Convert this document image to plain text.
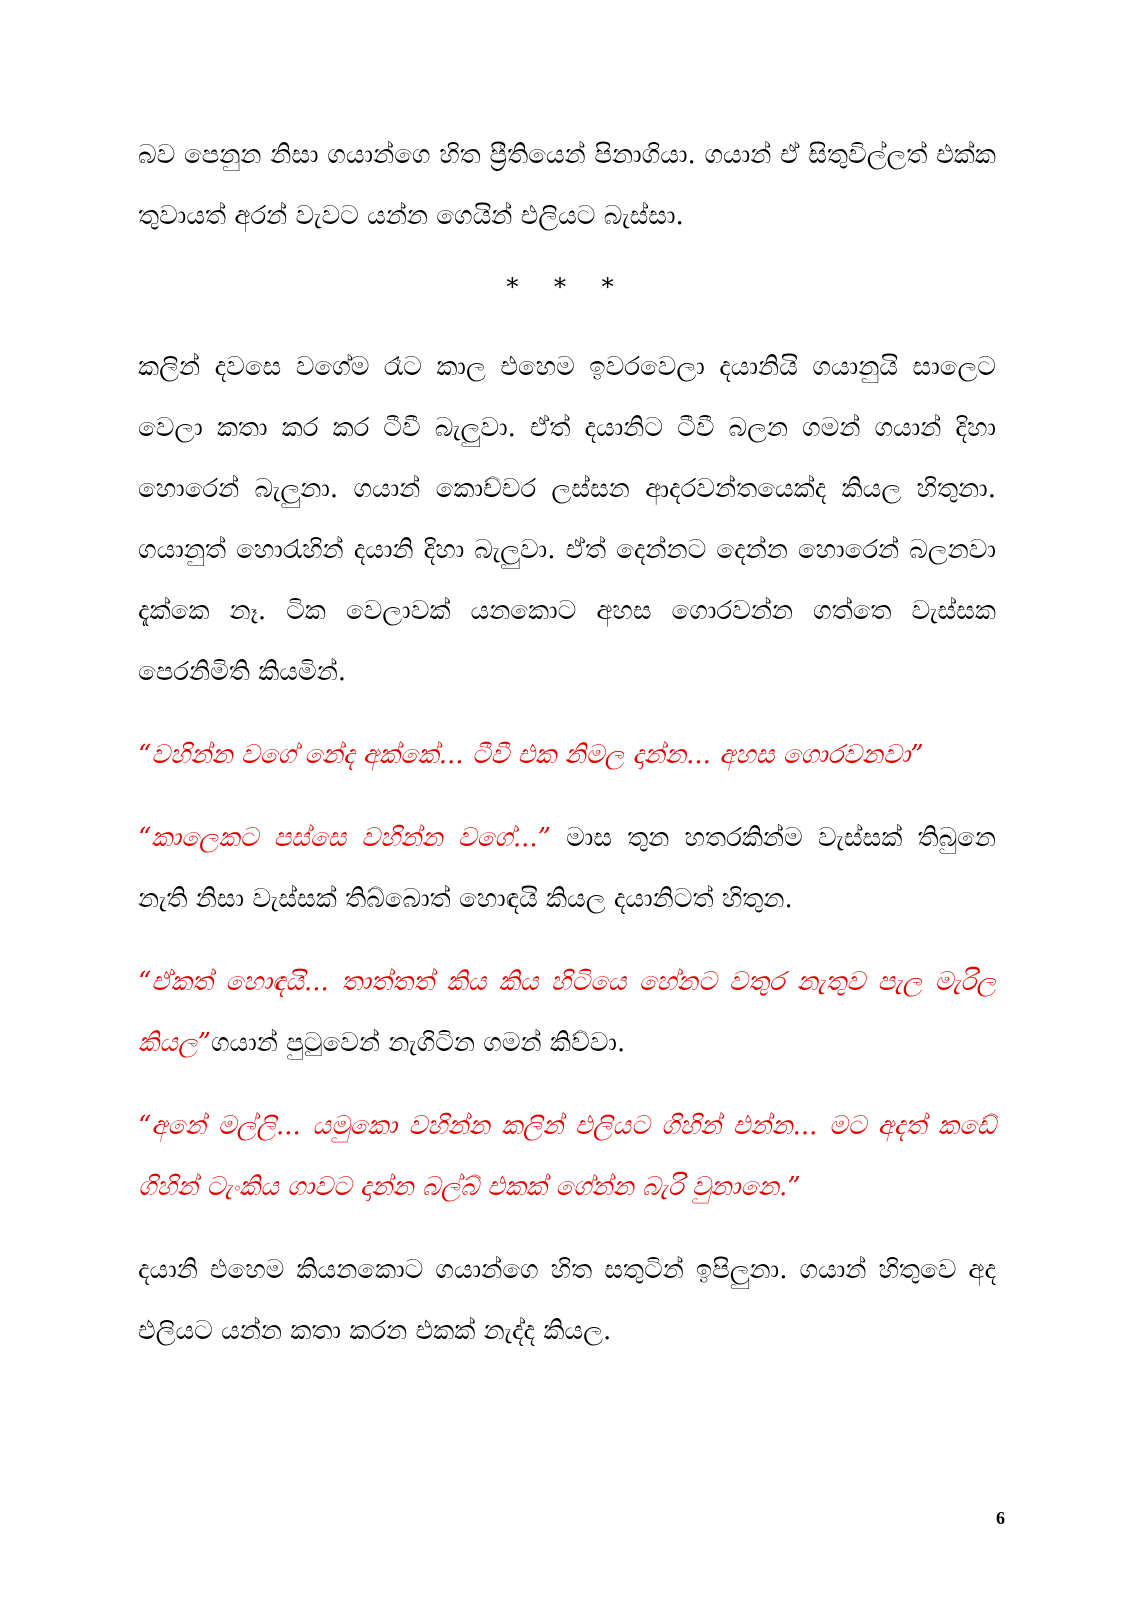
බව පෙනුන නිසා ගයාන්ගෙ හිත ප්‍රීතියෙන් පිනාගියා. ගයාන් ඒ සිතුවිල්ලත් එක්ක තුවායත් අරන් වැවට යන්න ගෙයින් එලියට බැස්සා.

* * *

කලින් දවසෙ වගේම රෑට කාල එහෙම ඉවරවෙලා දයානියි ගයානුයි සාලෙට වෙලා කතා කර කර ටීවී බැලුවා. ඒත් දයානිට ටීවී බලන ගමන් ගයාන් දිහා හොරෙන් බැලුනා. ගයාන් කොච්චර ලස්සන ආදරවන්තයෙක්ද කියල හිතුනා. ගයානුත් හොරැහින් දයානි දිහා බැලුවා. ඒත් දෙන්නට දෙන්න හොරෙන් බලනවා දැක්කෙ නෑ. ටික වෙලාවක් යනකොට අහස ගොරවන්න ගත්තෙ වැස්සක පෙරනිමිති කියමින්.

“වහින්න වගේ නේද අක්කේ... ටීවී එක නිමල දාන්න... අහස ගොරවනවා”

“කාලෙකට පස්සෙ වහින්න වගේ...” මාස තුන හතරකින්ම වැස්සක් තිබුනෙ නැති නිසා වැස්සක් තිබ්බොත් හොඳයි කියල දයානිටත් හිතුන.

“ඒකත් හොඳයි... තාත්තත් කිය කිය හිටියෙ හේනට වතුර නැතුව පැල මැරිල කියල”ගයාන් පුටුවෙන් නැගිටින ගමන් කිව්වා.

“අනේ මල්ලි... යමුකො වහින්න කලින් එලියට ගිහින් එන්න... මට අදත් කඩේ ගිහින් ටැංකිය ගාවට දාන්න බල්බ් එකක් ගේන්න බැරි වුනානෙ.”

දයානි එහෙම කියනකොට ගයාන්ගෙ හිත සතුටින් ඉපිලුනා. ගයාන් හිතුවෙ අද එලියට යන්න කතා කරන එකක් නැද්ද කියල.

6
